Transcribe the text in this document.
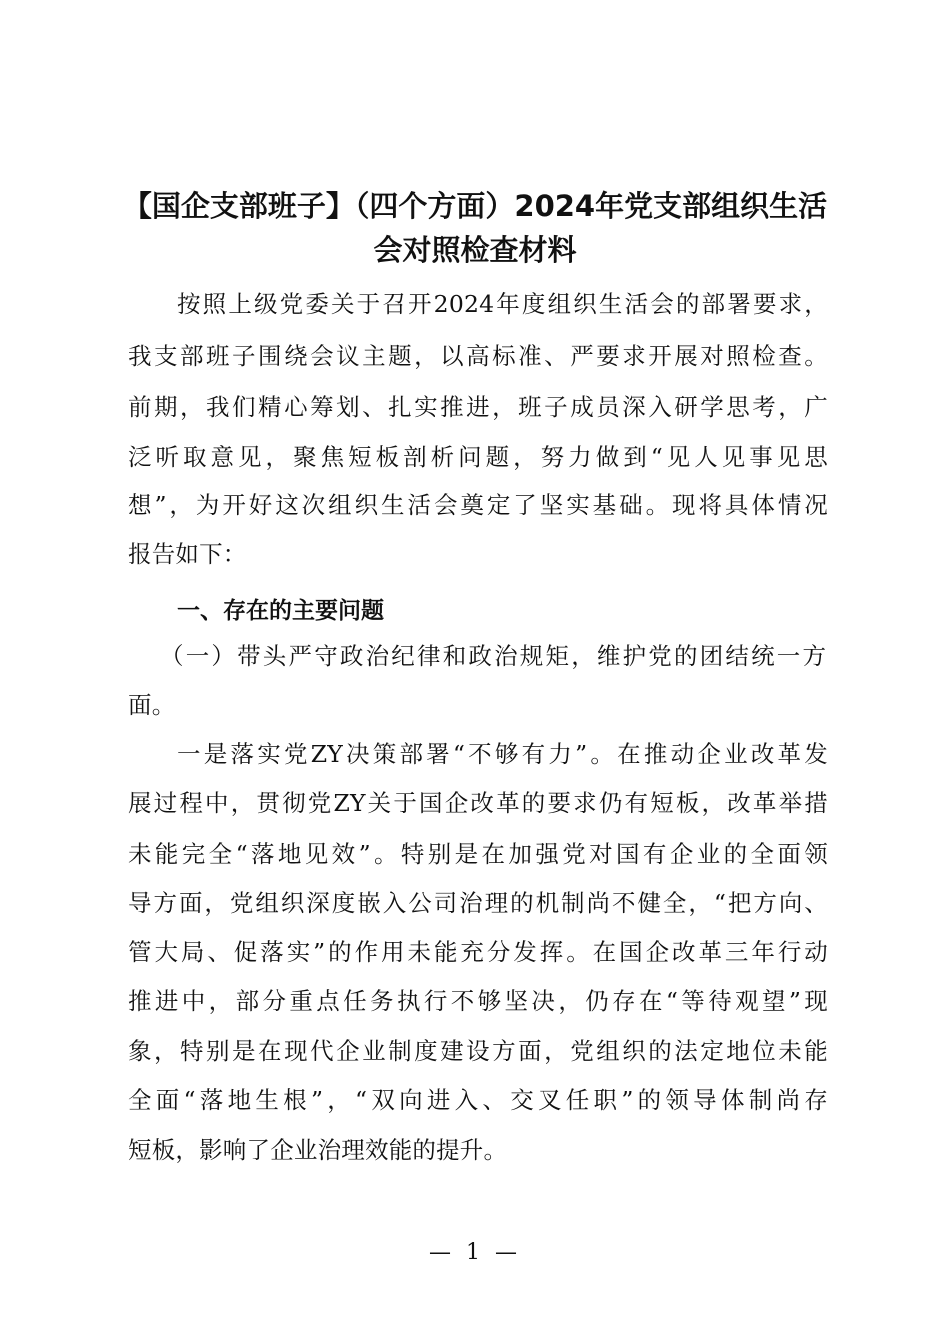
【国企支部班子】（四个方面）2024年党支部组织生活
会对照检查材料
按照上级党委关于召开2024年度组织生活会的部署要求，
我支部班子围绕会议主题，以高标准、严要求开展对照检查。
前期，我们精心筹划、扎实推进，班子成员深入研学思考，广
泛听取意见，聚焦短板剖析问题，努力做到“见人见事见思
想”，为开好这次组织生活会奠定了坚实基础。现将具体情况
报告如下：
一、存在的主要问题
（一）带头严守政治纪律和政治规矩，维护党的团结统一方
面。
一是落实党ZY决策部署“不够有力”。在推动企业改革发
展过程中，贯彻党ZY关于国企改革的要求仍有短板，改革举措
未能完全“落地见效”。特别是在加强党对国有企业的全面领
导方面，党组织深度嵌入公司治理的机制尚不健全，“把方向、
管大局、促落实”的作用未能充分发挥。在国企改革三年行动
推进中，部分重点任务执行不够坚决，仍存在“等待观望”现
象，特别是在现代企业制度建设方面，党组织的法定地位未能
全面“落地生根”，“双向进入、交叉任职”的领导体制尚存
短板，影响了企业治理效能的提升。
— 1 —
